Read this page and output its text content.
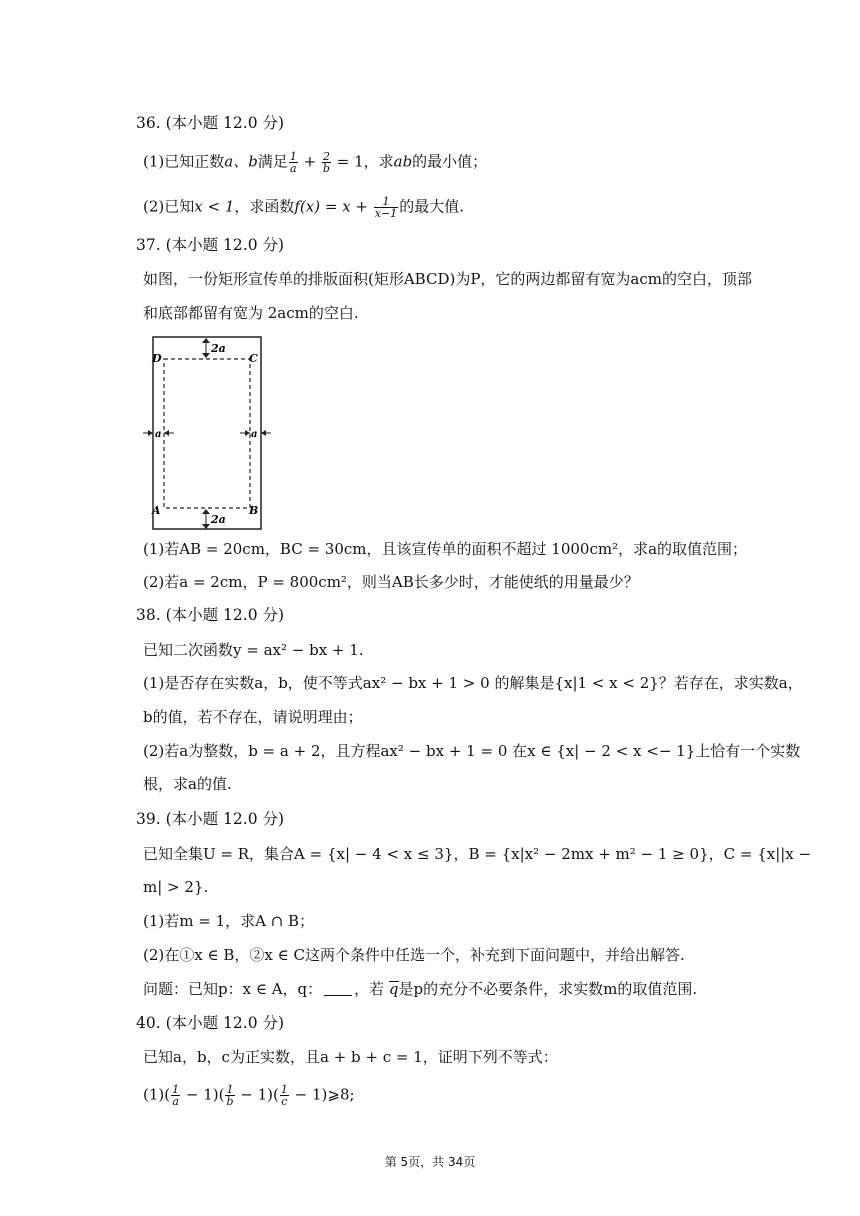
36. (本小题 12.0 分)
(1)已知正数a、b满足 $\frac{1}{a} + \frac{2}{b} = 1$，求ab的最小值；
(2)已知x < 1，求函数$f(x) = x + \frac{1}{x-1}$ 的最大值.
37. (本小题 12.0 分)
如图，一份矩形宣传单的排版面积(矩形ABCD)为P，它的两边都留有宽为acm的空白，顶部
和底部都留有宽为 2acm的空白.
2a
2a
a	a
D	C
A	B
(1)若AB = 20cm，BC = 30cm，且该宣传单的面积不超过 1000cm²，求a的取值范围；
(2)若a = 2cm，P = 800cm²，则当AB长多少时，才能使纸的用量最少？
38. (本小题 12.0 分)
已知二次函数y = ax² − bx + 1.
(1)是否存在实数a，b，使不等式ax² − bx + 1 > 0 的解集是{x|1 < x < 2}？若存在，求实数a，
b的值，若不存在，请说明理由；
(2)若a为整数，b = a + 2，且方程ax² − bx + 1 = 0 在x ∈ {x| − 2 < x <− 1}上恰有一个实数
根，求a的值.
39. (本小题 12.0 分)
已知全集U = R，集合A = {x| − 4 < x ≤ 3}，B = {x|x² − 2mx + m² − 1 ≥ 0}，C = {x||x −
m| > 2}.
(1)若m = 1，求A ∩ B；
(2)在①x ∈ B，②x ∈ C这两个条件中任选一个，补充到下面问题中，并给出解答.
问题：已知p：x ∈ A，q： ，若 q是p的充分不必要条件，求实数m的取值范围.
40. (本小题 12.0 分)
已知a，b，c为正实数，且a + b + c = 1，证明下列不等式：
$(1)( \frac{1}{a} - 1)( \frac{1}{b} - 1)( \frac{1}{c}$ − 1)⩾8;
第 5页，共 34页
